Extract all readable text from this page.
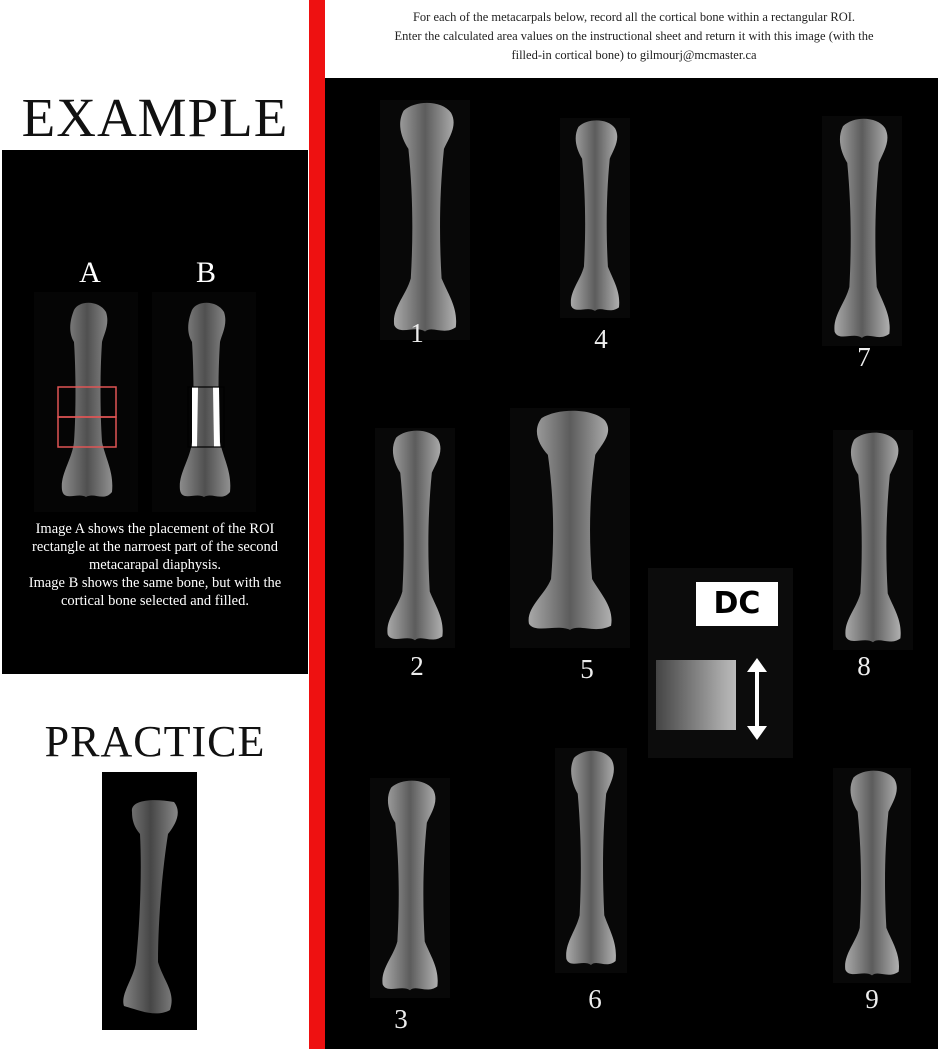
EXAMPLE
A	B
Image A shows the placement of the ROI rectangle at the narroest part of the second metacarapal diaphysis.
Image B shows the same bone, but with the cortical bone selected and filled.
PRACTICE
For each of the metacarpals below, record all the cortical bone within a rectangular ROI.
Enter the calculated area values on the instructional sheet and return it with this image (with the
filled-in cortical bone) to gilmourj@mcmaster.ca
1	4
7
2	5	8
DC
3
6	9
